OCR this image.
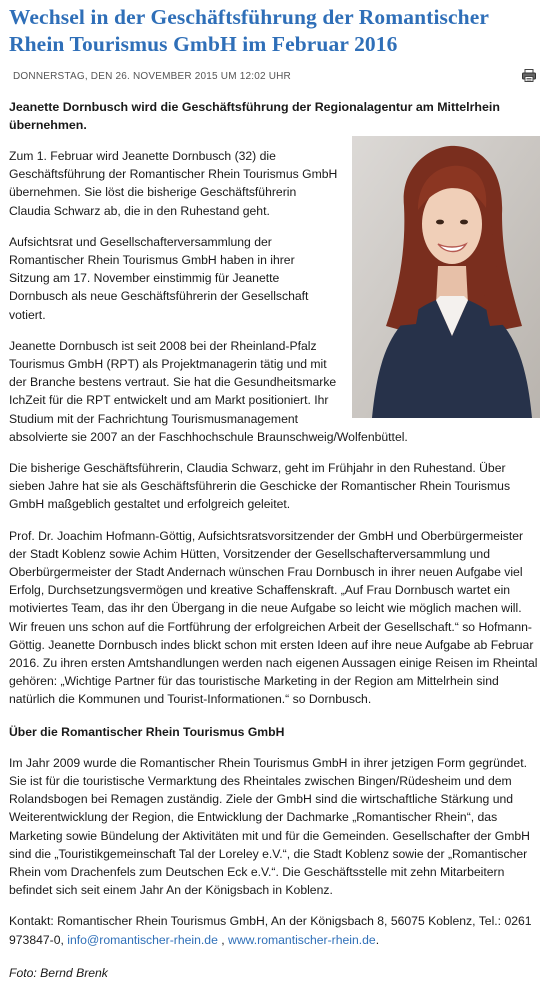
Wechsel in der Geschäftsführung der Romantischer Rhein Tourismus GmbH im Februar 2016
DONNERSTAG, DEN 26. NOVEMBER 2015 UM 12:02 UHR
Jeanette Dornbusch wird die Geschäftsführung der Regionalagentur am Mittelrhein übernehmen.

Zum 1. Februar wird Jeanette Dornbusch (32) die Geschäftsführung der Romantischer Rhein Tourismus GmbH übernehmen. Sie löst die bisherige Geschäftsführerin Claudia Schwarz ab, die in den Ruhestand geht.

Aufsichtsrat und Gesellschafterversammlung der Romantischer Rhein Tourismus GmbH haben in ihrer Sitzung am 17. November einstimmig für Jeanette Dornbusch als neue Geschäftsführerin der Gesellschaft votiert.

Jeanette Dornbusch ist seit 2008 bei der Rheinland-Pfalz Tourismus GmbH (RPT) als Projektmanagerin tätig und mit der Branche bestens vertraut. Sie hat die Gesundheitsmarke IchZeit für die RPT entwickelt und am Markt positioniert. Ihr Studium mit der Fachrichtung Tourismusmanagement absolvierte sie 2007 an der Faschhochschule Braunschweig/Wolfenbüttel.

Die bisherige Geschäftsführerin, Claudia Schwarz, geht im Frühjahr in den Ruhestand. Über sieben Jahre hat sie als Geschäftsführerin die Geschicke der Romantischer Rhein Tourismus GmbH maßgeblich gestaltet und erfolgreich geleitet.

Prof. Dr. Joachim Hofmann-Göttig, Aufsichtsratsvorsitzender der GmbH und Oberbürgermeister der Stadt Koblenz sowie Achim Hütten, Vorsitzender der Gesellschafterversammlung und Oberbürgermeister der Stadt Andernach wünschen Frau Dornbusch in ihrer neuen Aufgabe viel Erfolg, Durchsetzungsvermögen und kreative Schaffenskraft. „Auf Frau Dornbusch wartet ein motiviertes Team, das ihr den Übergang in die neue Aufgabe so leicht wie möglich machen will. Wir freuen uns schon auf die Fortführung der erfolgreichen Arbeit der Gesellschaft.“ so Hofmann-Göttig. Jeanette Dornbusch indes blickt schon mit ersten Ideen auf ihre neue Aufgabe ab Februar 2016. Zu ihren ersten Amtshandlungen werden nach eigenen Aussagen einige Reisen im Rheintal gehören: „Wichtige Partner für das touristische Marketing in der Region am Mittelrhein sind natürlich die Kommunen und Tourist-Informationen.“ so Dornbusch.

Über die Romantischer Rhein Tourismus GmbH

Im Jahr 2009 wurde die Romantischer Rhein Tourismus GmbH in ihrer jetzigen Form gegründet. Sie ist für die touristische Vermarktung des Rheintales zwischen Bingen/Rüdesheim und dem Rolandsbogen bei Remagen zuständig. Ziele der GmbH sind die wirtschaftliche Stärkung und Weiterentwicklung der Region, die Entwicklung der Dachmarke „Romantischer Rhein“, das Marketing sowie Bündelung der Aktivitäten mit und für die Gemeinden. Gesellschafter der GmbH sind die „Touristikgemeinschaft Tal der Loreley e.V.“, die Stadt Koblenz sowie der „Romantischer Rhein vom Drachenfels zum Deutschen Eck e.V.“. Die Geschäftsstelle mit zehn Mitarbeitern befindet sich seit einem Jahr An der Königsbach in Koblenz.

Kontakt: Romantischer Rhein Tourismus GmbH, An der Königsbach 8, 56075 Koblenz, Tel.: 0261 973847-0, info@romantischer-rhein.de , www.romantischer-rhein.de.

Foto: Bernd Brenk
